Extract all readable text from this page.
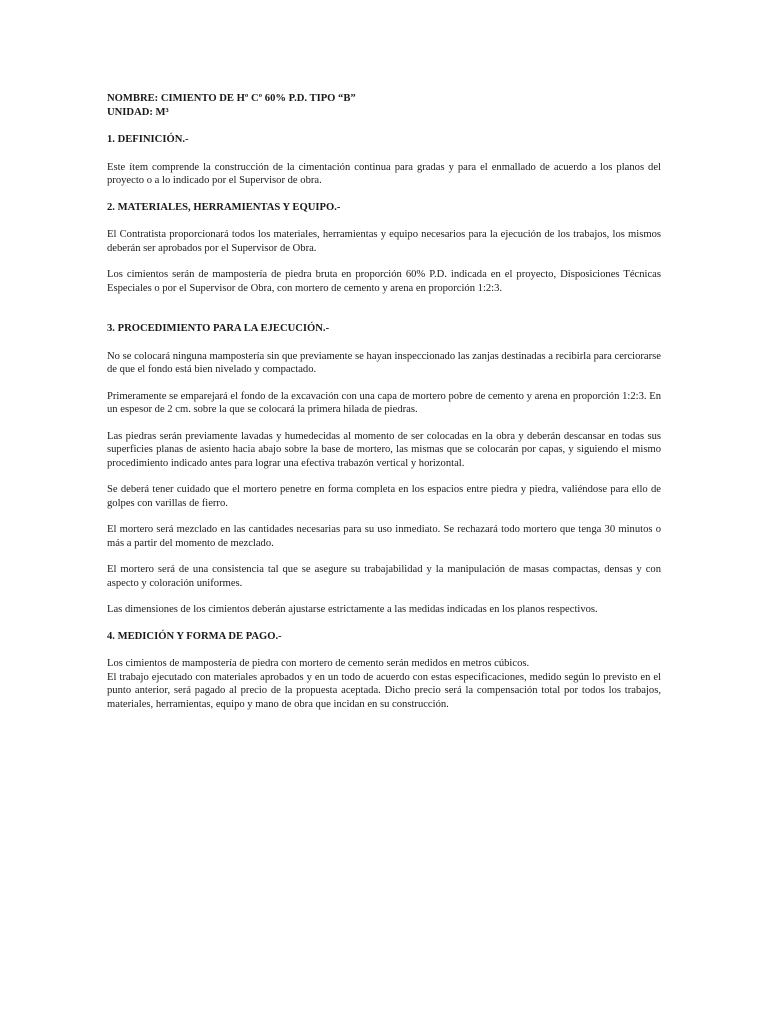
NOMBRE: CIMIENTO DE Hº Cº 60% P.D. TIPO “B”

UNIDAD: M³

1. DEFINICIÓN.-

Este ítem comprende la construcción de la cimentación continua para gradas y para el enmallado de acuerdo a los planos del proyecto o a lo indicado por el Supervisor de obra.

2. MATERIALES, HERRAMIENTAS Y EQUIPO.-

El Contratista proporcionará todos los materiales, herramientas y equipo necesarios para la ejecución de los trabajos, los mismos deberán ser aprobados por el Supervisor de Obra.

Los cimientos serán de mampostería de piedra bruta en proporción 60% P.D. indicada en el proyecto, Disposiciones Técnicas Especiales o por el Supervisor de Obra, con mortero de cemento y arena en proporción 1:2:3.

3. PROCEDIMIENTO PARA LA EJECUCIÓN.-

No se colocará ninguna mampostería sin que previamente se hayan inspeccionado las zanjas destinadas a recibirla para cerciorarse de que el fondo está bien nivelado y compactado.

Primeramente se emparejará el fondo de la excavación con una capa de mortero pobre de cemento y arena en proporción 1:2:3. En un espesor de 2 cm. sobre la que se colocará la primera hilada de piedras.

Las piedras serán previamente lavadas y humedecidas al momento de ser colocadas en la obra y deberán descansar en todas sus superficies planas de asiento hacia abajo sobre la base de mortero, las mismas que se colocarán por capas, y siguiendo el mismo procedimiento indicado antes para lograr una efectiva trabazón vertical y horizontal.

Se deberá tener cuidado que el mortero penetre en forma completa en los espacios entre piedra y piedra, valiéndose para ello de golpes con varillas de fierro.

El mortero será mezclado en las cantidades necesarias para su uso inmediato. Se rechazará todo mortero que tenga 30 minutos o más a partir del momento de mezclado.

El mortero será de una consistencia tal que se asegure su trabajabilidad y la manipulación de masas compactas, densas y con aspecto y coloración uniformes.

Las dimensiones de los cimientos deberán ajustarse estrictamente a las medidas indicadas en los planos respectivos.

4. MEDICIÓN Y FORMA DE PAGO.-

Los cimientos de mampostería de piedra con mortero de cemento serán medidos en metros cúbicos.

El trabajo ejecutado con materiales aprobados y en un todo de acuerdo con estas especificaciones, medido según lo previsto en el punto anterior, será pagado al precio de la propuesta aceptada. Dicho precio será la compensación total por todos los trabajos, materiales, herramientas, equipo y mano de obra que incidan en su construcción.
